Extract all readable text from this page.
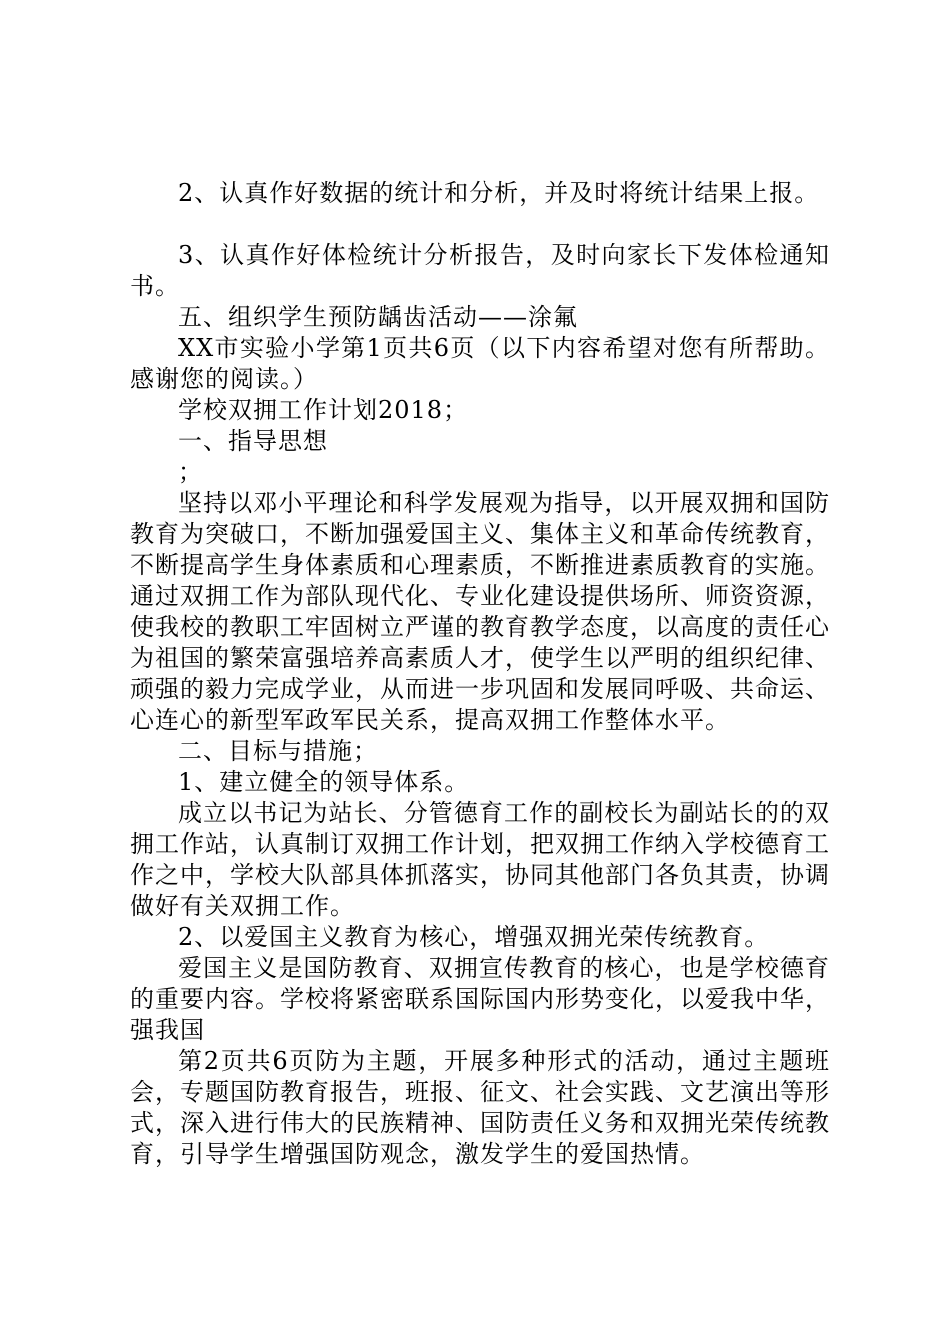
2、认真作好数据的统计和分析，并及时将统计结果上报。

3、认真作好体检统计分析报告，及时向家长下发体检通知书。

五、组织学生预防龋齿活动——涂氟

XX市实验小学第1页共6页（以下内容希望对您有所帮助。感谢您的阅读。）

学校双拥工作计划2018；

一、指导思想

；

坚持以邓小平理论和科学发展观为指导，以开展双拥和国防教育为突破口，不断加强爱国主义、集体主义和革命传统教育，不断提高学生身体素质和心理素质，不断推进素质教育的实施。通过双拥工作为部队现代化、专业化建设提供场所、师资资源，使我校的教职工牢固树立严谨的教育教学态度，以高度的责任心为祖国的繁荣富强培养高素质人才，使学生以严明的组织纪律、顽强的毅力完成学业，从而进一步巩固和发展同呼吸、共命运、心连心的新型军政军民关系，提高双拥工作整体水平。

二、目标与措施；

1、建立健全的领导体系。

成立以书记为站长、分管德育工作的副校长为副站长的的双拥工作站，认真制订双拥工作计划，把双拥工作纳入学校德育工作之中，学校大队部具体抓落实，协同其他部门各负其责，协调做好有关双拥工作。

2、以爱国主义教育为核心，增强双拥光荣传统教育。

爱国主义是国防教育、双拥宣传教育的核心，也是学校德育的重要内容。学校将紧密联系国际国内形势变化，以爱我中华，强我国

第2页共6页防为主题，开展多种形式的活动，通过主题班会，专题国防教育报告，班报、征文、社会实践、文艺演出等形式，深入进行伟大的民族精神、国防责任义务和双拥光荣传统教育，引导学生增强国防观念，激发学生的爱国热情。
